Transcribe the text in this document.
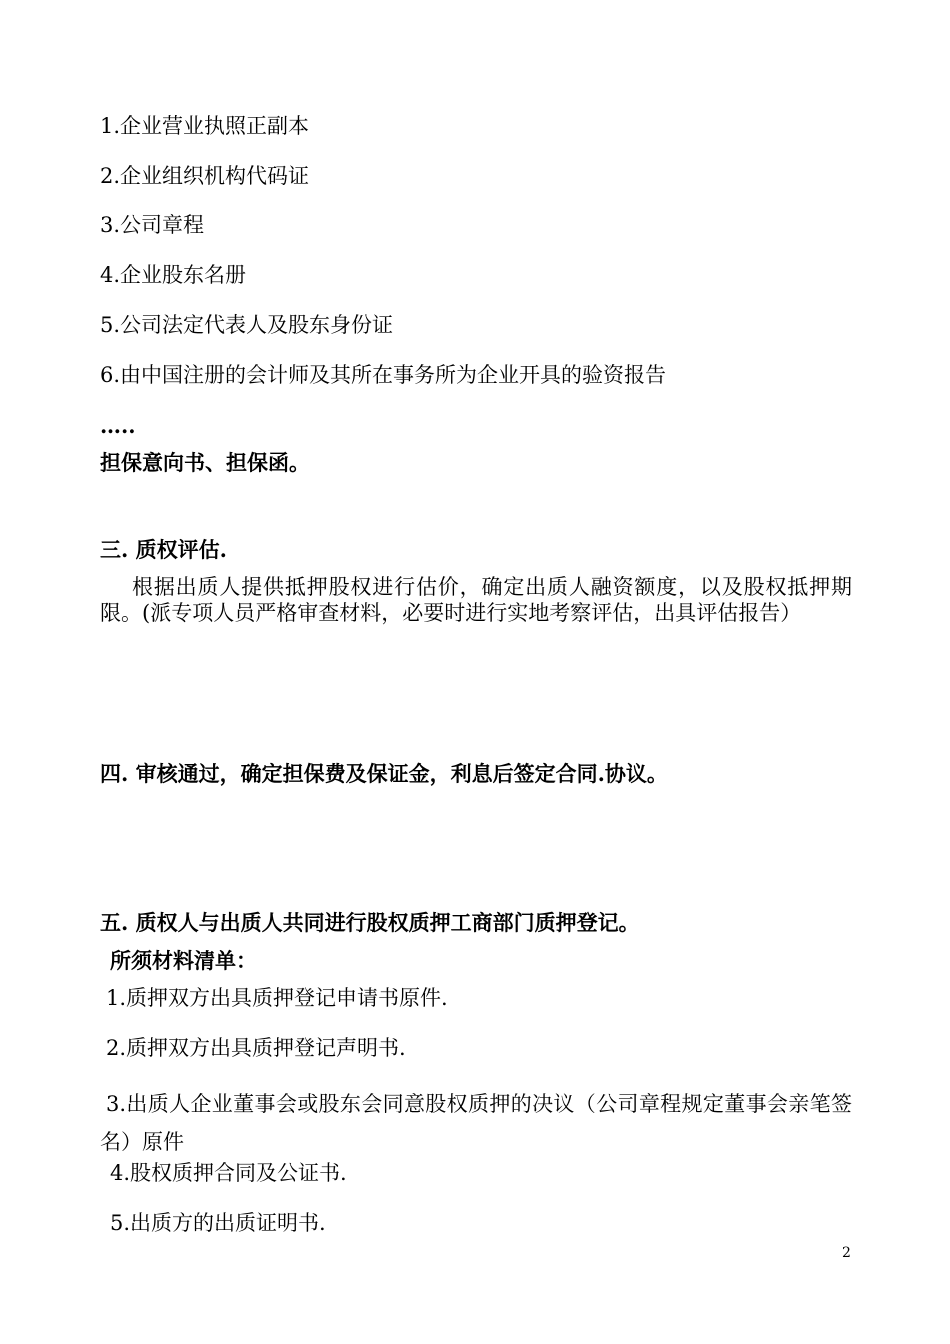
1.企业营业执照正副本
2.企业组织机构代码证
3.公司章程
4.企业股东名册
5.公司法定代表人及股东身份证
6.由中国注册的会计师及其所在事务所为企业开具的验资报告
…..
担保意向书、担保函。
三. 质权评估.
根据出质人提供抵押股权进行估价，确定出质人融资额度，以及股权抵押期限。(派专项人员严格审查材料，必要时进行实地考察评估，出具评估报告）
四. 审核通过，确定担保费及保证金，利息后签定合同.协议。
五. 质权人与出质人共同进行股权质押工商部门质押登记。
所须材料清单：
1.质押双方出具质押登记申请书原件.
2.质押双方出具质押登记声明书.
3.出质人企业董事会或股东会同意股权质押的决议（公司章程规定董事会亲笔签名）原件
4.股权质押合同及公证书.
5.出质方的出质证明书.
2
